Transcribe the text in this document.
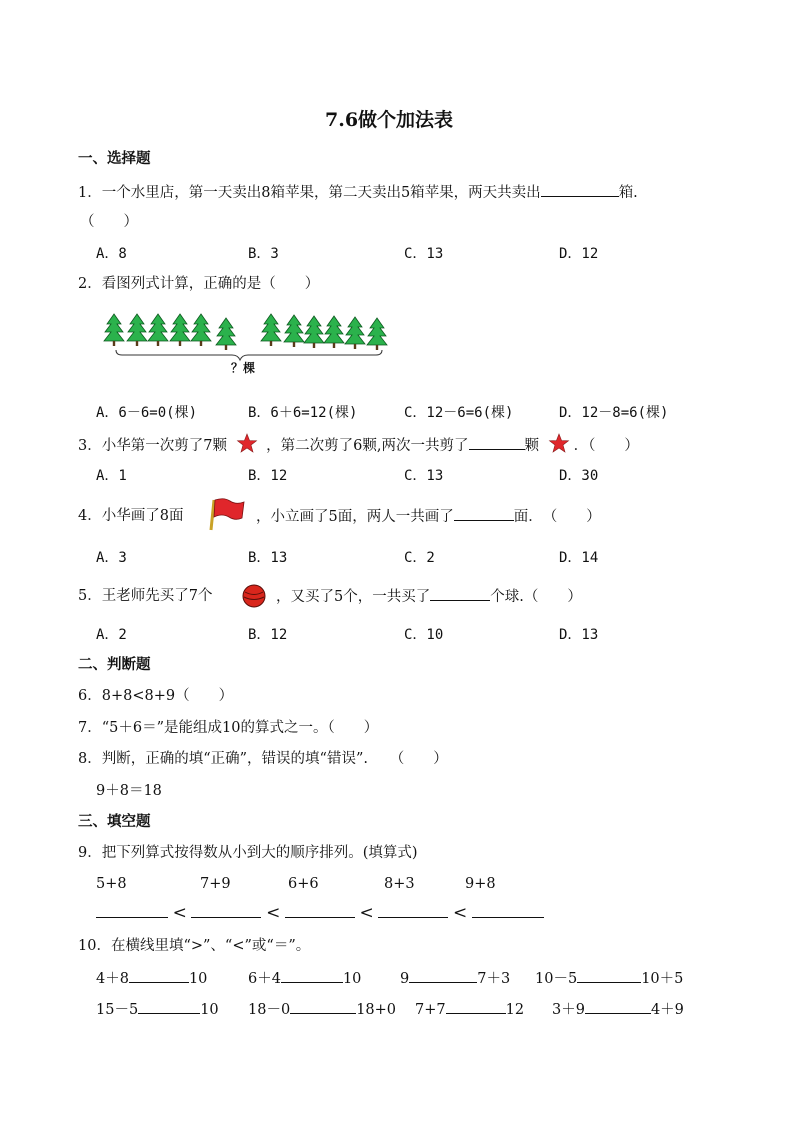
7.6做个加法表
一、选择题
1．一个水里店，第一天卖出8箱苹果，第二天卖出5箱苹果，两天共卖出	箱.
（　　）
A．8	B．3	C．13	D．12
2．看图列式计算，正确的是（　　）
？棵
A．6－6=0(棵)	B．6＋6=12(棵)	C．12－6=6(棵)	D．12－8=6(棵)
3．小华第一次剪了7颗	，第二次剪了6颗,两次一共剪了	颗 ．（　　）
A．1	B．12	C．13	D．30
4．小华画了8面	，小立画了5面，两人一共画了	面．　（　　）
A．3	B．13	C．2	D．14
5．王老师先买了7个	，又买了5个，一共买了	个球.（　　）
A．2	B．12	C．10	D．13
二、判断题
6．8+8<8+9（　　）
7．“5＋6＝”是能组成10的算式之一。（　　）
8．判断，正确的填“正确”，错误的填“错误”.　　（　　）
9＋8＝18
三、填空题
9．把下列算式按得数从小到大的顺序排列。(填算式)
5+8	7+9	6+6	8+3	9+8
<	<	<	<
10．在横线里填“>”、“<”或“＝”。
4＋8	10	6＋4	10	9	7＋3 10－5	10＋5
15－5	10 18－0	18+0 7+7	12 3＋9	4＋9
